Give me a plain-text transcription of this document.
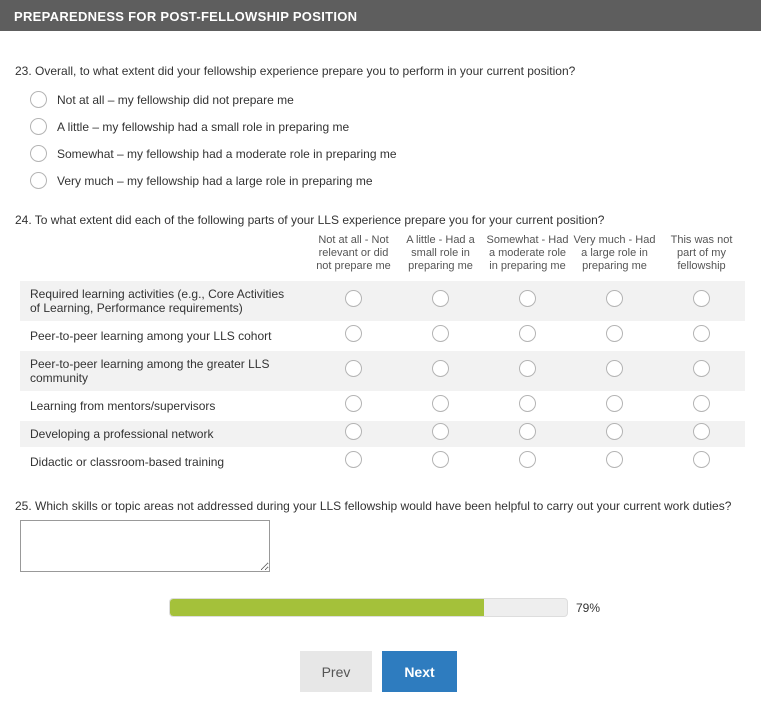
PREPAREDNESS FOR POST-FELLOWSHIP POSITION
23. Overall, to what extent did your fellowship experience prepare you to perform in your current position?
Not at all – my fellowship did not prepare me
A little – my fellowship had a small role in preparing me
Somewhat – my fellowship had a moderate role in preparing me
Very much – my fellowship had a large role in preparing me
24. To what extent did each of the following parts of your LLS experience prepare you for your current position?
	Not at all - Not relevant or did not prepare me	A little - Had a small role in preparing me	Somewhat - Had a moderate role in preparing me	Very much - Had a large role in preparing me	This was not part of my fellowship
Required learning activities (e.g., Core Activities of Learning, Performance requirements)					
Peer-to-peer learning among your LLS cohort					
Peer-to-peer learning among the greater LLS community					
Learning from mentors/supervisors					
Developing a professional network					
Didactic or classroom-based training					
25. Which skills or topic areas not addressed during your LLS fellowship would have been helpful to carry out your current work duties?
79%
Prev	Next
